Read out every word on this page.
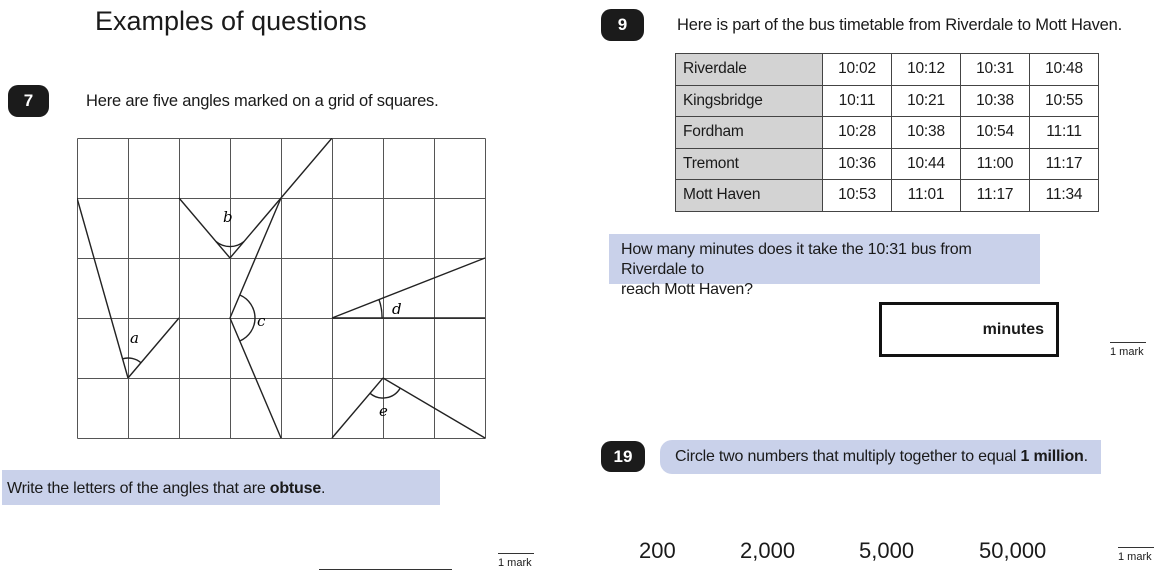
Examples of questions
7	Here are five angles marked on a grid of squares.
a
b
c
d
e
Write the letters of the angles that are obtuse.
1 mark
9	Here is part of the bus timetable from Riverdale to Mott Haven.
Riverdale	10:02	10:12	10:31	10:48
Kingsbridge	10:11	10:21	10:38	10:55
Fordham	10:28	10:38	10:54	11:11
Tremont	10:36	10:44	11:00	11:17
Mott Haven	10:53	11:01	11:17	11:34
How many minutes does it take the 10:31 bus from Riverdale to
reach Mott Haven?
minutes
1 mark
19	Circle two numbers that multiply together to equal 1 million.
200	2,000	5,000	50,000	1 mark
